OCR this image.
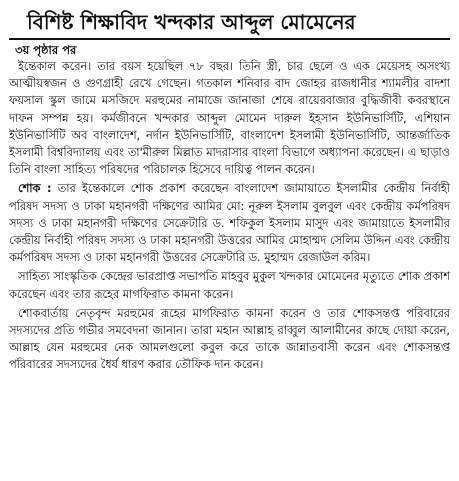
বিশিষ্ট শিক্ষাবিদ খন্দকার আব্দুল মোমেনের
৩য় পৃষ্ঠার পর

ইন্তেকাল করেন। তার বয়স হয়েছিল ৭৮ বছর। তিনি স্ত্রী, চার ছেলে ও এক মেয়েসহ অসংখ্য আত্মীয়স্বজন ও গুণগ্রাহী রেখে গেছেন। গতকাল শনিবার বাদ জোহর রাজধানীর শ্যামলীর বাদশা ফয়সাল স্কুল জামে মসজিদে মরহুমের নামাজে জানাজা শেষে রায়েরবাজার বুদ্ধিজীবী কবরস্থানে দাফন সম্পন্ন হয়। কর্মজীবনে খন্দকার আব্দুল মোমেন দারুল ইহসান ইউনিভার্সিটি, এশিয়ান ইউনিভার্সিটি অব বাংলাদেশ, নর্দান ইউনিভার্সিটি, বাংলাদেশ ইসলামী ইউনিভার্সিটি, আন্তর্জাতিক ইসলামী বিশ্ববিদ্যালয় এবং তা'মীরুল মিল্লাত মাদরাসার বাংলা বিভাগে অধ্যাপনা করেছেন। এ ছাড়াও তিনি বাংলা সাহিত্য পরিষদের পরিচালক হিসেবে দায়িত্ব পালন করেন।

শোক : তার ইন্তেকালে শোক প্রকাশ করেছেন বাংলাদেশ জামায়াতে ইসলামীর কেন্দ্রীয় নির্বাহী পরিষদ সদস্য ও ঢাকা মহানগরী দক্ষিণের আমির মো: নূরুল ইসলাম বুলবুল এবং কেন্দ্রীয় কর্মপরিষদ সদস্য ও ঢাকা মহানগরী দক্ষিণের সেক্রেটারি ড. শফিকুল ইসলাম মাসুদ এবং জামায়াতে ইসলামীর কেন্দ্রীয় নির্বাহী পরিষদ সদস্য ও ঢাকা মহানগরী উত্তরের আমির মোহাম্মদ সেলিম উদ্দিন এবং কেন্দ্রীয় কর্মপরিষদ সদস্য ও ঢাকা মহানগরী উত্তরের সেক্রেটারি ড. মুহাম্মদ রেজাউল করিম।

সাহিত্য সাংস্কৃতিক কেন্দ্রের ভারপ্রাপ্ত সভাপতি মাহবুব মুকুল খন্দকার মোমেনের মৃত্যুতে শোক প্রকাশ করেছেন এবং তার রূহের মাগফিরাত কামনা করেন।

শোকবার্তায় নেতৃবৃন্দ মরহুমের রূহের মাগফিরাত কামনা করেন ও তার শোকসন্তপ্ত পরিবারের সদস্যদের প্রতি গভীর সমবেদনা জানান। তারা মহান আল্লাহ রাব্বুল আলামীনের কাছে দোয়া করেন, আল্লাহ যেন মরহুমের নেক আমলগুলো কবুল করে তাকে জান্নাতবাসী করেন এবং শোকসন্তপ্ত পরিবারের সদস্যদের ধৈর্য ধারণ করার তৌফিক দান করেন।
